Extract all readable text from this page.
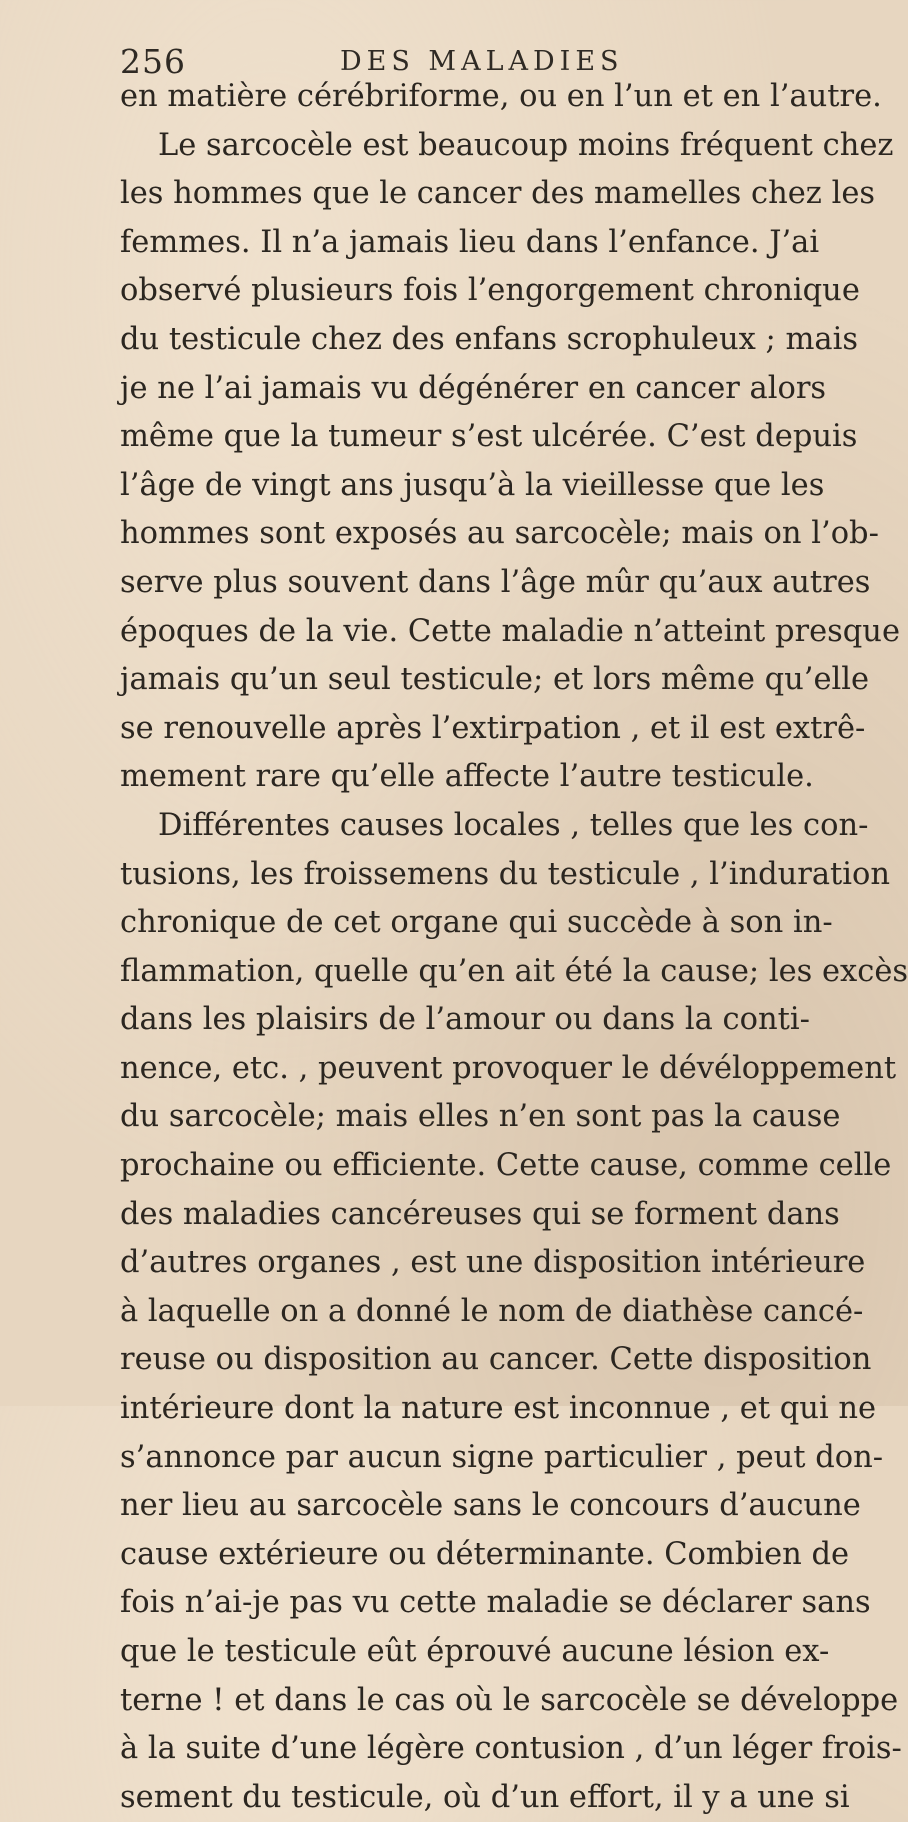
256	DES MALADIES
en matière cérébriforme, ou en l’un et en l’autre.
Le sarcocèle est beaucoup moins fréquent chez
les hommes que le cancer des mamelles chez les
femmes. Il n’a jamais lieu dans l’enfance. J’ai
observé plusieurs fois l’engorgement chronique
du testicule chez des enfans scrophuleux ; mais
je ne l’ai jamais vu dégénérer en cancer alors
même que la tumeur s’est ulcérée. C’est depuis
l’âge de vingt ans jusqu’à la vieillesse que les
hommes sont exposés au sarcocèle; mais on l’ob-
serve plus souvent dans l’âge mûr qu’aux autres
époques de la vie. Cette maladie n’atteint presque
jamais qu’un seul testicule; et lors même qu’elle
se renouvelle après l’extirpation , et il est extrê-
mement rare qu’elle affecte l’autre testicule.
Différentes causes locales , telles que les con-
tusions, les froissemens du testicule , l’induration
chronique de cet organe qui succède à son in-
flammation, quelle qu’en ait été la cause; les excès
dans les plaisirs de l’amour ou dans la conti-
nence, etc. , peuvent provoquer le dévéloppement
du sarcocèle; mais elles n’en sont pas la cause
prochaine ou efficiente. Cette cause, comme celle
des maladies cancéreuses qui se forment dans
d’autres organes , est une disposition intérieure
à laquelle on a donné le nom de diathèse cancé-
reuse ou disposition au cancer. Cette disposition
intérieure dont la nature est inconnue , et qui ne
s’annonce par aucun signe particulier , peut don-
ner lieu au sarcocèle sans le concours d’aucune
cause extérieure ou déterminante. Combien de
fois n’ai-je pas vu cette maladie se déclarer sans
que le testicule eût éprouvé aucune lésion ex-
terne ! et dans le cas où le sarcocèle se développe
à la suite d’une légère contusion , d’un léger frois-
sement du testicule, où d’un effort, il y a une si
